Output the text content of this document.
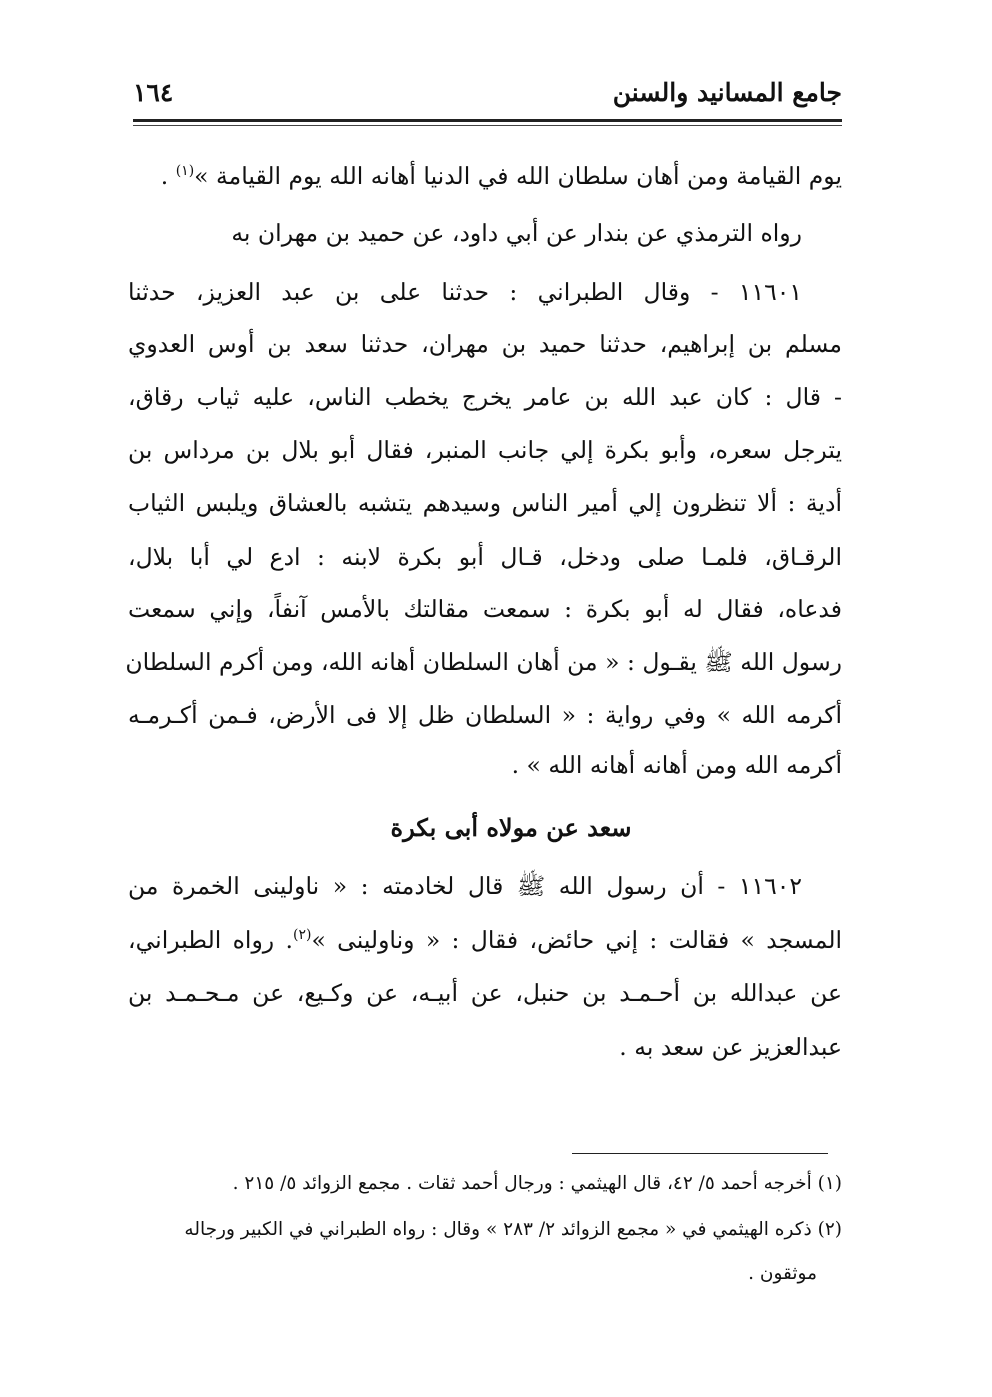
جامع المسانيد والسنن
١٦٤
يوم القيامة ومن أهان سلطان الله في الدنيا أهانه الله يوم القيامة »$^{(١)}$ .
رواه الترمذي عن بندار عن أبي داود، عن حميد بن مهران به
١١٦٠١ - وقال الطبراني : حدثنا على بن عبد العزيز، حدثنا
مسلم بن إبراهيم، حدثنا حميد بن مهران، حدثنا سعد بن أوس العدوي
- قال : كان عبد الله بن عامر يخرج يخطب الناس، عليه ثياب رقاق،
يترجل سعره، وأبو بكرة إلي جانب المنبر، فقال أبو بلال بن مرداس بن
أدية : ألا تنظرون إلي أمير الناس وسيدهم يتشبه بالعشاق ويلبس الثياب
الرقـاق، فلمـا صلى ودخل، قـال أبو بكرة لابنه : ادع لي أبا بلال،
فدعاه، فقال له أبو بكرة : سمعت مقالتك بالأمس آنفاً، وإني سمعت
رسول الله ﷺ يقـول : « من أهان السلطان أهانه الله، ومن أكرم السلطان
أكرمه الله » وفي رواية : « السلطان ظل إلا فى الأرض، فـمن أكـرمـه
أكرمه الله ومن أهانه أهانه الله » .
سعد عن مولاه أبى بكرة
١١٦٠٢ - أن رسول الله ﷺ قال لخادمته : « ناولينى الخمرة من
المسجد » فقالت : إني حائض، فقال : « وناولينى »$^{(٢)}$. رواه الطبراني،
عن عبدالله بن أحـمـد بن حنبل، عن أبيـه، عن وكـيع، عن مـحـمـد بن
عبدالعزيز عن سعد به .
(١) أخرجه أحمد ٥/ ٤٢، قال الهيثمي : ورجال أحمد ثقات . مجمع الزوائد ٥/ ٢١٥ .
(٢) ذكره الهيثمي في « مجمع الزوائد ٢/ ٢٨٣ » وقال : رواه الطبراني في الكبير ورجاله
موثقون .
